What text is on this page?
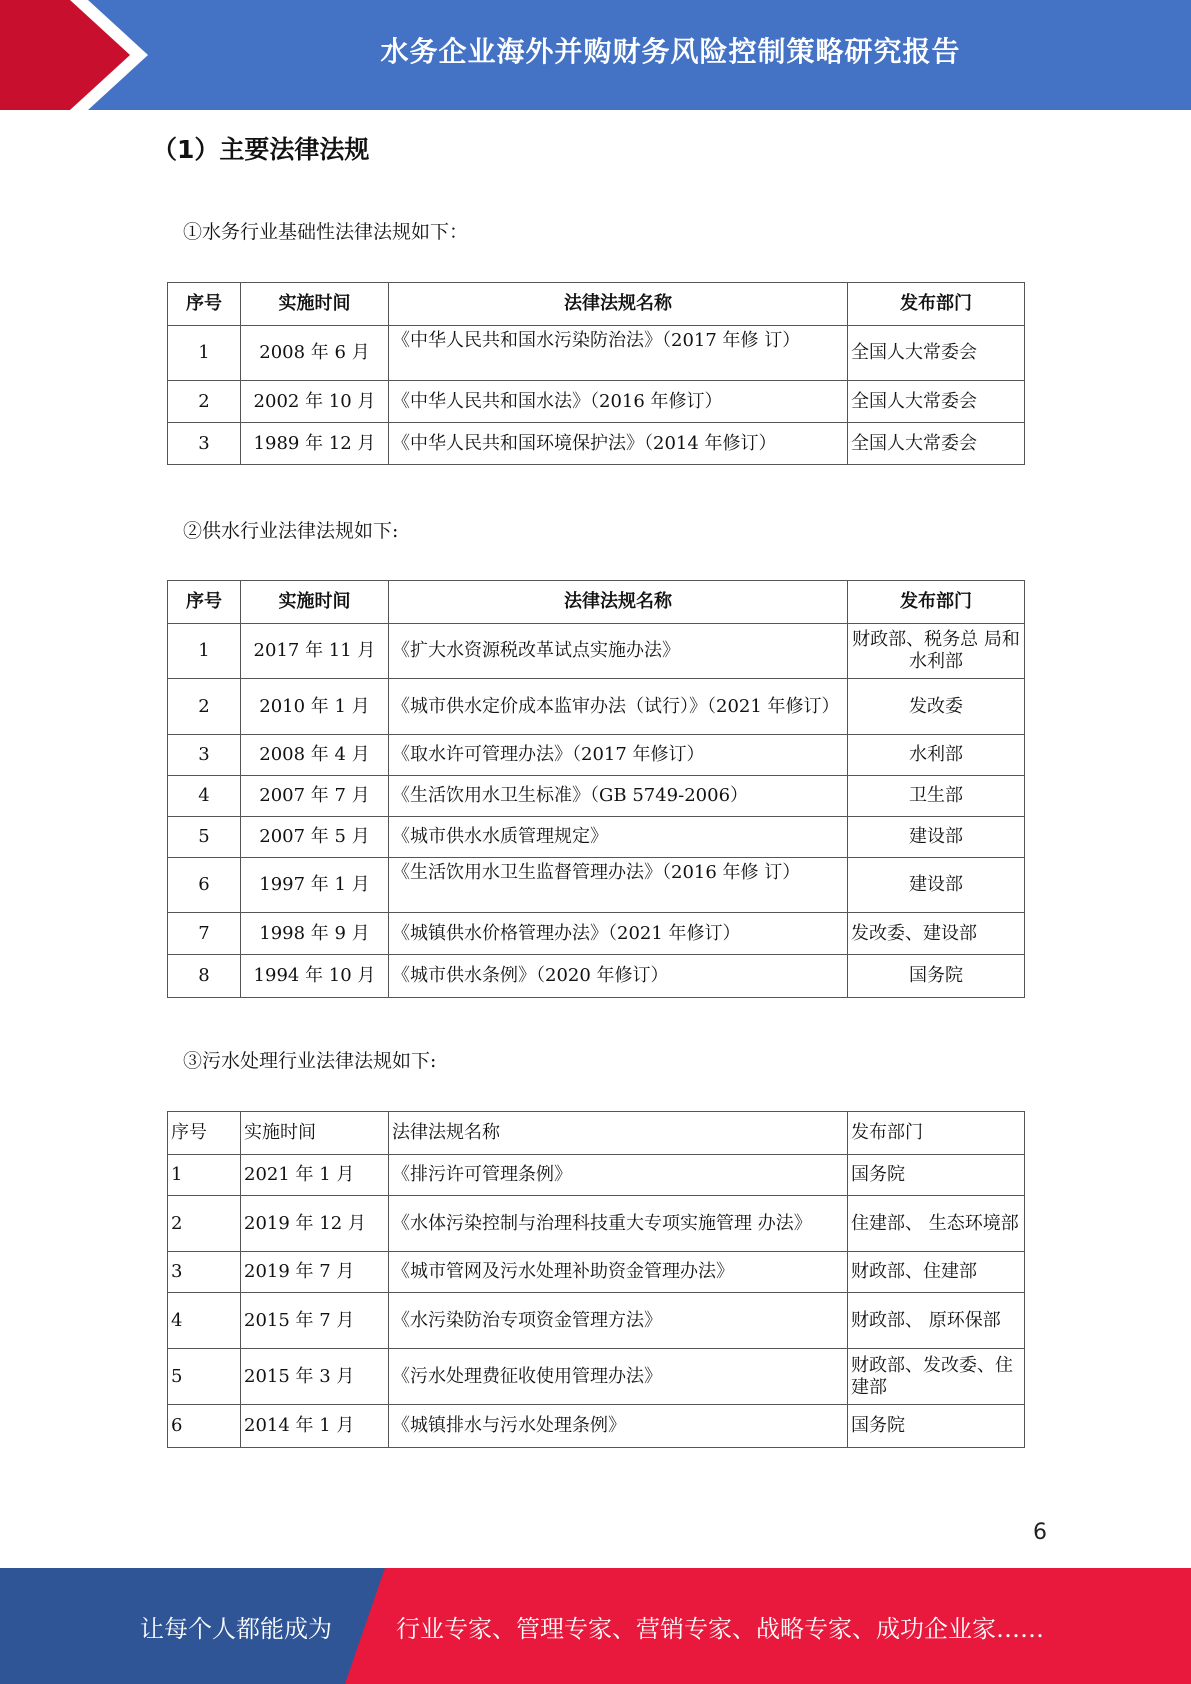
水务企业海外并购财务风险控制策略研究报告
（1）主要法律法规
①水务行业基础性法律法规如下：
序号	实施时间	法律法规名称	发布部门
1	2008 年 6 月	《中华人民共和国水污染防治法》（2017 年修 订）	全国人大常委会
2	2002 年 10 月	《中华人民共和国水法》（2016 年修订）	全国人大常委会
3	1989 年 12 月	《中华人民共和国环境保护法》（2014 年修订）	全国人大常委会
②供水行业法律法规如下:
序号	实施时间	法律法规名称	发布部门
1	2017 年 11 月	《扩大水资源税改革试点实施办法》	财政部、税务总 局和水利部
2	2010 年 1 月	《城市供水定价成本监审办法（试行）》（2021 年修订）	发改委
3	2008 年 4 月	《取水许可管理办法》（2017 年修订）	水利部
4	2007 年 7 月	《生活饮用水卫生标准》（GB 5749-2006）	卫生部
5	2007 年 5 月	《城市供水水质管理规定》	建设部
6	1997 年 1 月	《生活饮用水卫生监督管理办法》（2016 年修 订）	建设部
7	1998 年 9 月	《城镇供水价格管理办法》（2021 年修订）	发改委、建设部
8	1994 年 10 月	《城市供水条例》（2020 年修订）	国务院
③污水处理行业法律法规如下:
序号	实施时间	法律法规名称	发布部门
1	2021 年 1 月	《排污许可管理条例》	国务院
2	2019 年 12 月	《水体污染控制与治理科技重大专项实施管理 办法》	住建部、 生态环境部
3	2019 年 7 月	《城市管网及污水处理补助资金管理办法》	财政部、住建部
4	2015 年 7 月	《水污染防治专项资金管理方法》	财政部、 原环保部
5	2015 年 3 月	《污水处理费征收使用管理办法》	财政部、发改委、住建部
6	2014 年 1 月	《城镇排水与污水处理条例》	国务院
6
让每个人都能成为	行业专家、管理专家、营销专家、战略专家、成功企业家……
